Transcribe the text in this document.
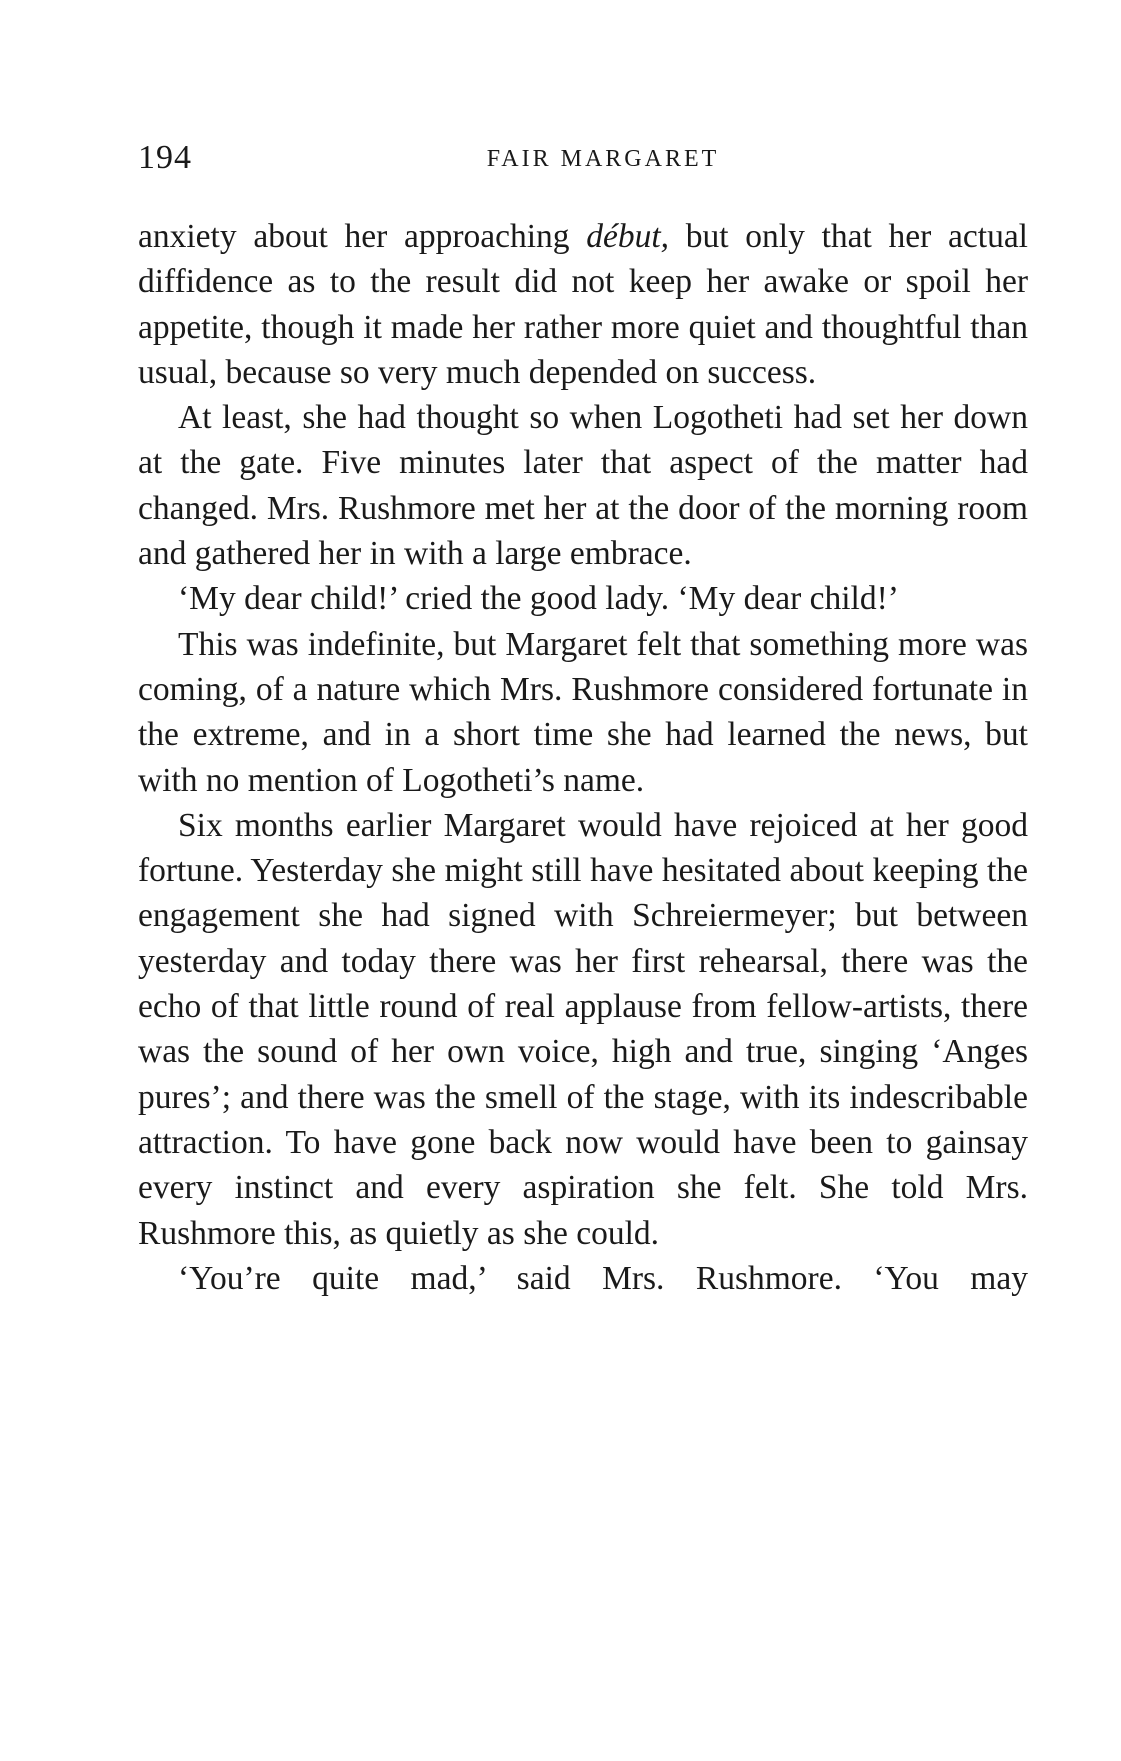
194	FAIR MARGARET

anxiety about her approaching début, but only that her actual diffidence as to the result did not keep her awake or spoil her appetite, though it made her rather more quiet and thoughtful than usual, because so very much depended on success.

At least, she had thought so when Logotheti had set her down at the gate. Five minutes later that aspect of the matter had changed. Mrs. Rushmore met her at the door of the morning room and gathered her in with a large embrace.

‘My dear child!’ cried the good lady. ‘My dear child!’

This was indefinite, but Margaret felt that something more was coming, of a nature which Mrs. Rushmore considered fortunate in the extreme, and in a short time she had learned the news, but with no mention of Logotheti’s name.

Six months earlier Margaret would have rejoiced at her good fortune. Yesterday she might still have hesitated about keeping the engagement she had signed with Schreiermeyer; but between yesterday and today there was her first rehearsal, there was the echo of that little round of real applause from fellow-artists, there was the sound of her own voice, high and true, singing ‘Anges pures’; and there was the smell of the stage, with its indescribable attraction. To have gone back now would have been to gainsay every instinct and every aspiration she felt. She told Mrs. Rushmore this, as quietly as she could.

‘You’re quite mad,’ said Mrs. Rushmore. ‘You may
